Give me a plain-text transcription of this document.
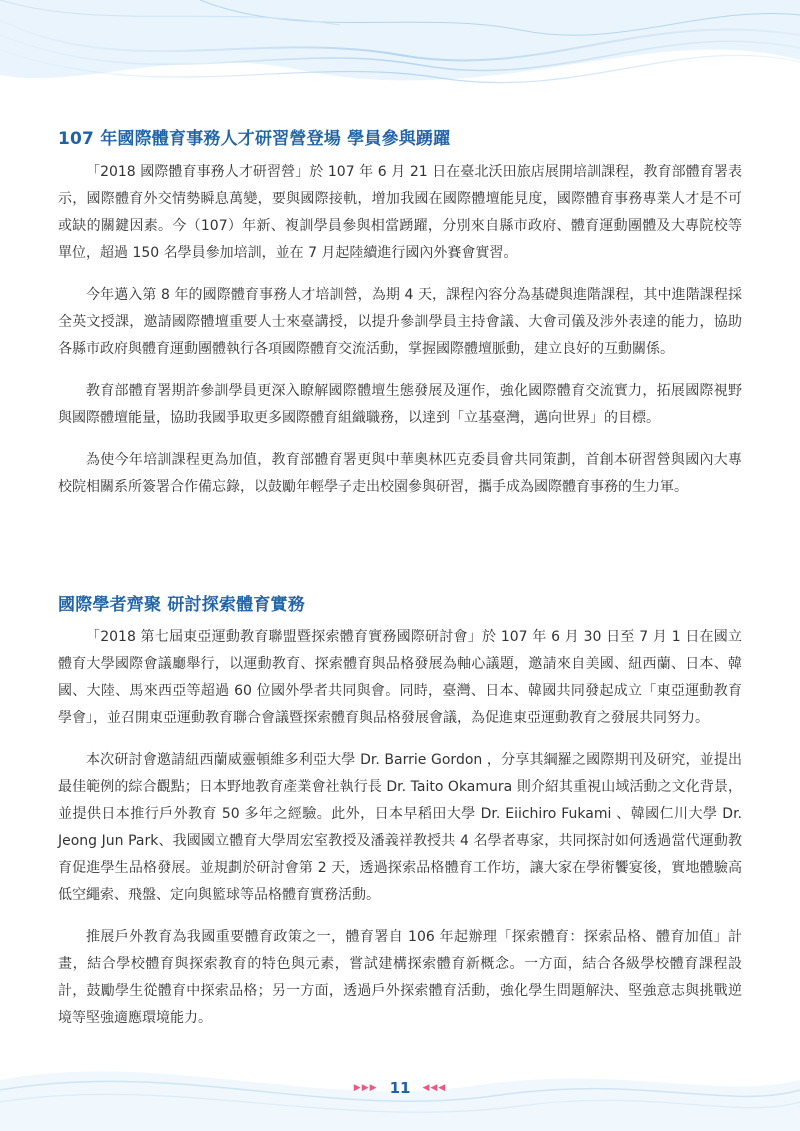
107 年國際體育事務人才研習營登場 學員參與踴躍

「2018 國際體育事務人才研習營」於 107 年 6 月 21 日在臺北沃田旅店展開培訓課程，教育部體育署表示，國際體育外交情勢瞬息萬變，要與國際接軌，增加我國在國際體壇能見度，國際體育事務專業人才是不可或缺的關鍵因素。今（107）年新、複訓學員參與相當踴躍，分別來自縣市政府、體育運動團體及大專院校等單位，超過 150 名學員參加培訓，並在 7 月起陸續進行國內外賽會實習。

今年邁入第 8 年的國際體育事務人才培訓營，為期 4 天，課程內容分為基礎與進階課程，其中進階課程採全英文授課，邀請國際體壇重要人士來臺講授，以提升參訓學員主持會議、大會司儀及涉外表達的能力，協助各縣市政府與體育運動團體執行各項國際體育交流活動，掌握國際體壇脈動，建立良好的互動關係。

教育部體育署期許參訓學員更深入瞭解國際體壇生態發展及運作，強化國際體育交流實力，拓展國際視野與國際體壇能量，協助我國爭取更多國際體育組織職務，以達到「立基臺灣，邁向世界」的目標。

為使今年培訓課程更為加值，教育部體育署更與中華奧林匹克委員會共同策劃，首創本研習營與國內大專校院相關系所簽署合作備忘錄，以鼓勵年輕學子走出校園參與研習，攜手成為國際體育事務的生力軍。

國際學者齊聚 研討探索體育實務

「2018 第七屆東亞運動教育聯盟暨探索體育實務國際研討會」於 107 年 6 月 30 日至 7 月 1 日在國立體育大學國際會議廳舉行，以運動教育、探索體育與品格發展為軸心議題，邀請來自美國、紐西蘭、日本、韓國、大陸、馬來西亞等超過 60 位國外學者共同與會。同時，臺灣、日本、韓國共同發起成立「東亞運動教育學會」，並召開東亞運動教育聯合會議暨探索體育與品格發展會議，為促進東亞運動教育之發展共同努力。

本次研討會邀請紐西蘭威靈頓維多利亞大學 Dr. Barrie Gordon ，分享其綱羅之國際期刊及研究，並提出最佳範例的綜合觀點；日本野地教育產業會社執行長 Dr. Taito Okamura 則介紹其重視山域活動之文化背景，並提供日本推行戶外教育 50 多年之經驗。此外，日本早稻田大學 Dr. Eiichiro Fukami 、韓國仁川大學 Dr. Jeong Jun Park、我國國立體育大學周宏室教授及潘義祥教授共 4 名學者專家，共同探討如何透過當代運動教育促進學生品格發展。並規劃於研討會第 2 天，透過探索品格體育工作坊，讓大家在學術饗宴後，實地體驗高低空繩索、飛盤、定向與籃球等品格體育實務活動。

推展戶外教育為我國重要體育政策之一，體育署自 106 年起辦理「探索體育：探索品格、體育加值」計畫，結合學校體育與探索教育的特色與元素，嘗試建構探索體育新概念。一方面，結合各級學校體育課程設計，鼓勵學生從體育中探索品格；另一方面，透過戶外探索體育活動，強化學生問題解決、堅強意志與挑戰逆境等堅強適應環境能力。

▶▶▶ 11 ◀◀◀
